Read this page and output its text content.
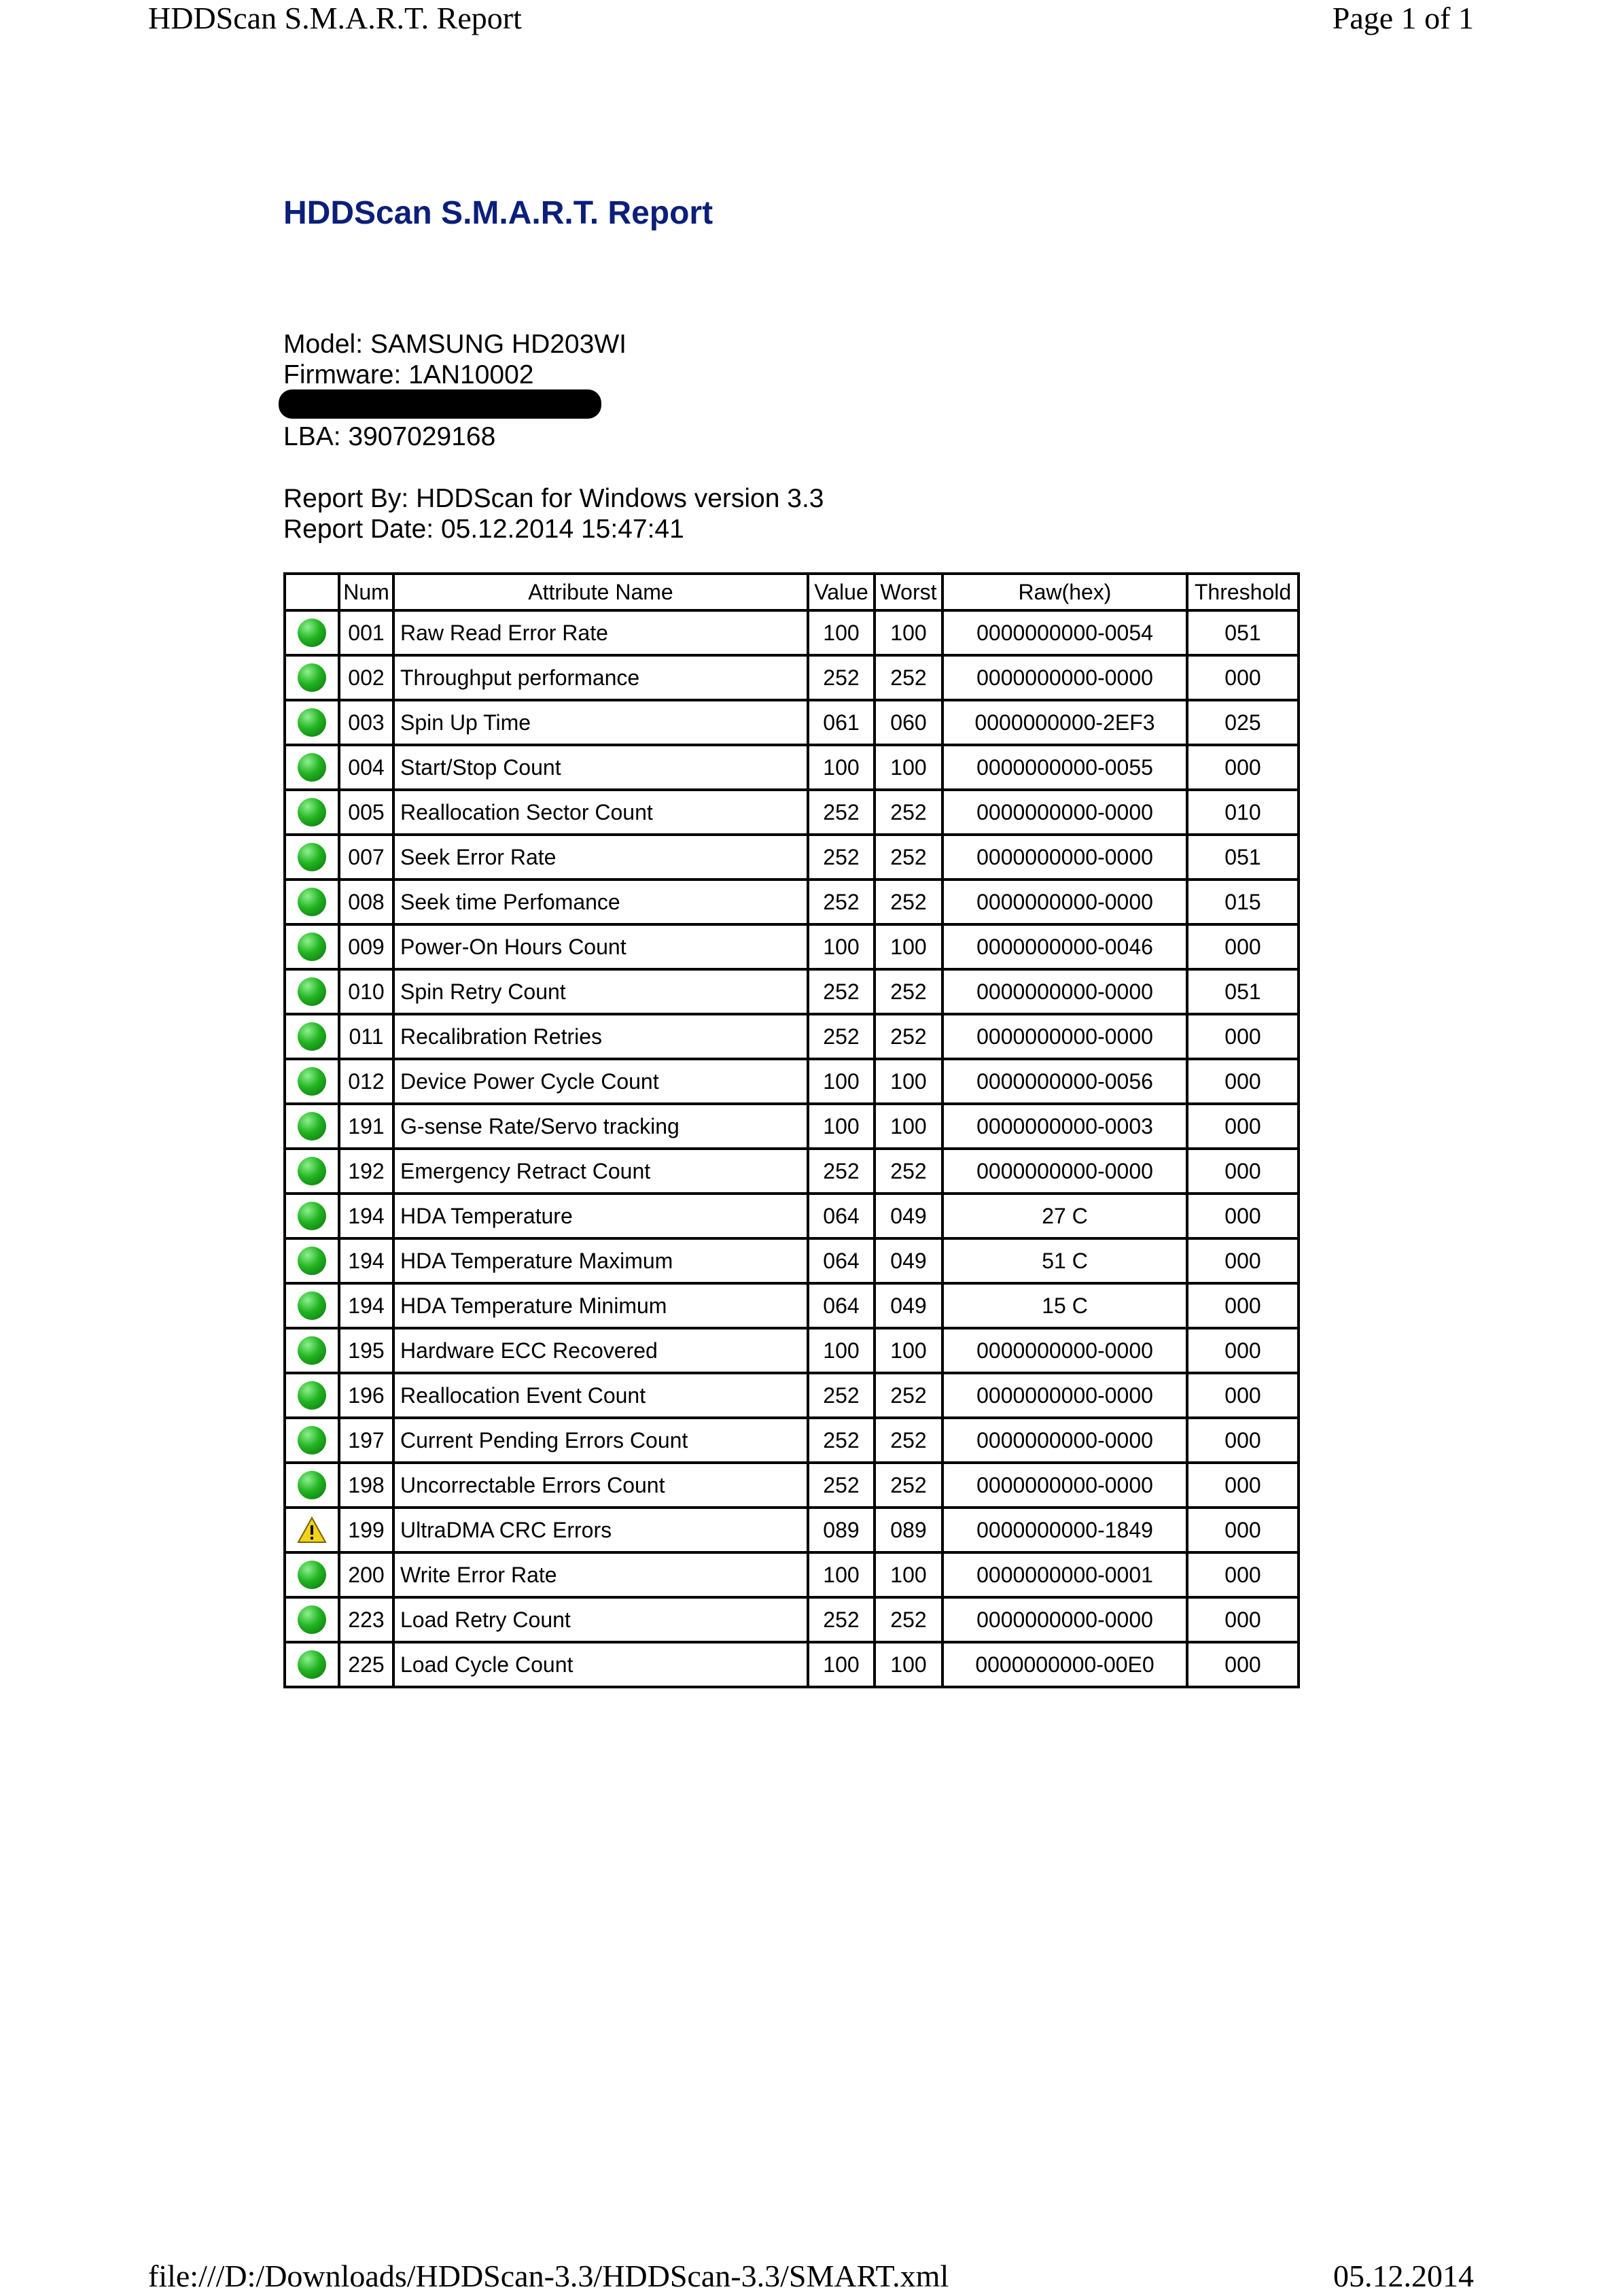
HDDScan S.M.A.R.T. Report	Page 1 of 1
HDDScan S.M.A.R.T. Report
Model: SAMSUNG HD203WI
Firmware: 1AN10002
LBA: 3907029168
Report By: HDDScan for Windows version 3.3
Report Date: 05.12.2014 15:47:41
	Num	Attribute Name	Value	Worst	Raw(hex)	Threshold
	001	Raw Read Error Rate	100	100	0000000000-0054	051
	002	Throughput performance	252	252	0000000000-0000	000
	003	Spin Up Time	061	060	0000000000-2EF3	025
	004	Start/Stop Count	100	100	0000000000-0055	000
	005	Reallocation Sector Count	252	252	0000000000-0000	010
	007	Seek Error Rate	252	252	0000000000-0000	051
	008	Seek time Perfomance	252	252	0000000000-0000	015
	009	Power-On Hours Count	100	100	0000000000-0046	000
	010	Spin Retry Count	252	252	0000000000-0000	051
	011	Recalibration Retries	252	252	0000000000-0000	000
	012	Device Power Cycle Count	100	100	0000000000-0056	000
	191	G-sense Rate/Servo tracking	100	100	0000000000-0003	000
	192	Emergency Retract Count	252	252	0000000000-0000	000
	194	HDA Temperature	064	049	27 C	000
	194	HDA Temperature Maximum	064	049	51 C	000
	194	HDA Temperature Minimum	064	049	15 C	000
	195	Hardware ECC Recovered	100	100	0000000000-0000	000
	196	Reallocation Event Count	252	252	0000000000-0000	000
	197	Current Pending Errors Count	252	252	0000000000-0000	000
	198	Uncorrectable Errors Count	252	252	0000000000-0000	000
	199	UltraDMA CRC Errors	089	089	0000000000-1849	000
	200	Write Error Rate	100	100	0000000000-0001	000
	223	Load Retry Count	252	252	0000000000-0000	000
	225	Load Cycle Count	100	100	0000000000-00E0	000
file:///D:/Downloads/HDDScan-3.3/HDDScan-3.3/SMART.xml	05.12.2014
